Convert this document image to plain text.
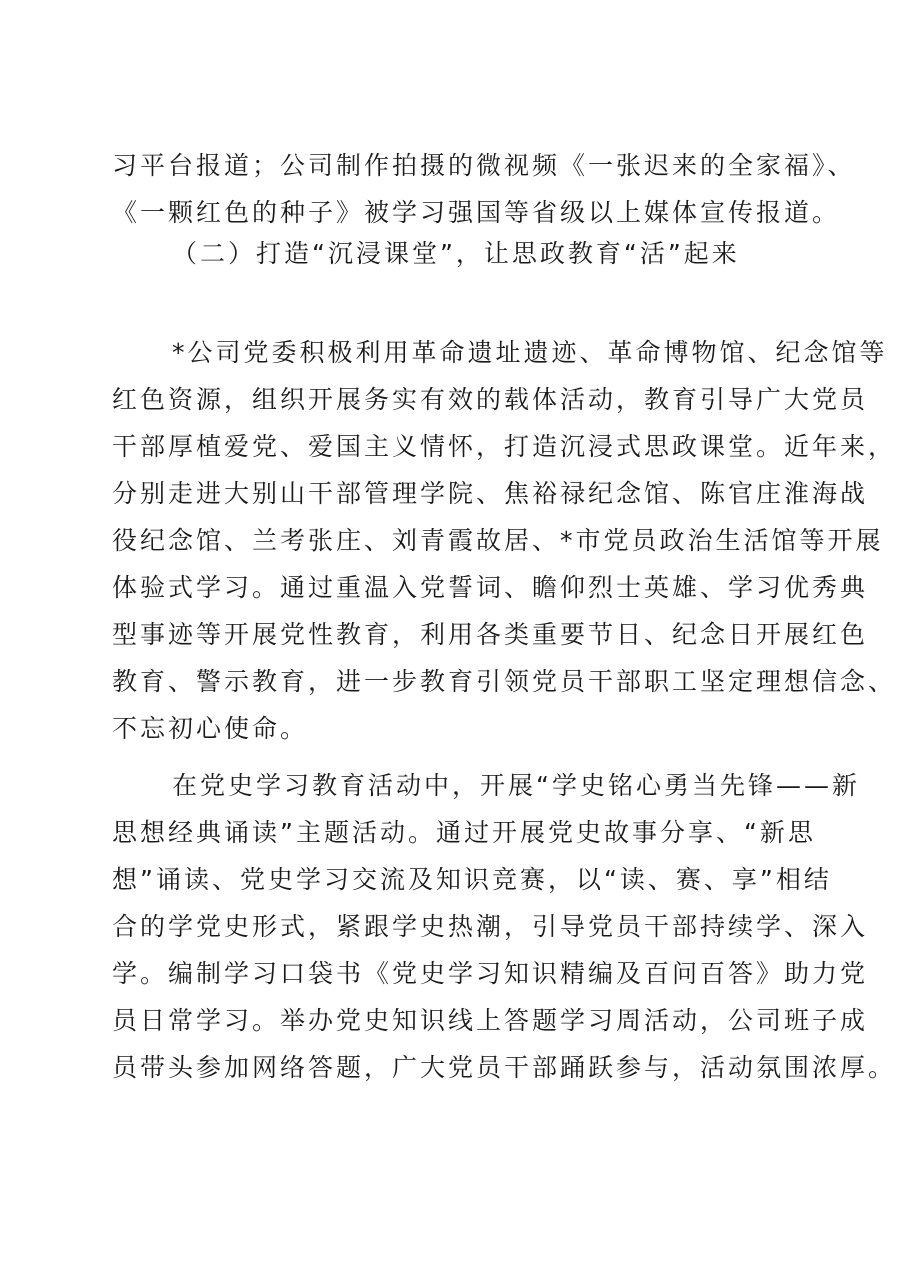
习平台报道；公司制作拍摄的微视频《一张迟来的全家福》、
《一颗红色的种子》被学习强国等省级以上媒体宣传报道。
（二）打造“沉浸课堂”，让思政教育“活”起来
*公司党委积极利用革命遗址遗迹、革命博物馆、纪念馆等
红色资源，组织开展务实有效的载体活动，教育引导广大党员
干部厚植爱党、爱国主义情怀，打造沉浸式思政课堂。近年来，
分别走进大别山干部管理学院、焦裕禄纪念馆、陈官庄淮海战
役纪念馆、兰考张庄、刘青霞故居、*市党员政治生活馆等开展
体验式学习。通过重温入党誓词、瞻仰烈士英雄、学习优秀典
型事迹等开展党性教育，利用各类重要节日、纪念日开展红色
教育、警示教育，进一步教育引领党员干部职工坚定理想信念、
不忘初心使命。
在党史学习教育活动中，开展“学史铭心勇当先锋——新
思想经典诵读”主题活动。通过开展党史故事分享、“新思
想”诵读、党史学习交流及知识竞赛，以“读、赛、享”相结
合的学党史形式，紧跟学史热潮，引导党员干部持续学、深入
学。编制学习口袋书《党史学习知识精编及百问百答》助力党
员日常学习。举办党史知识线上答题学习周活动，公司班子成
员带头参加网络答题，广大党员干部踊跃参与，活动氛围浓厚。
